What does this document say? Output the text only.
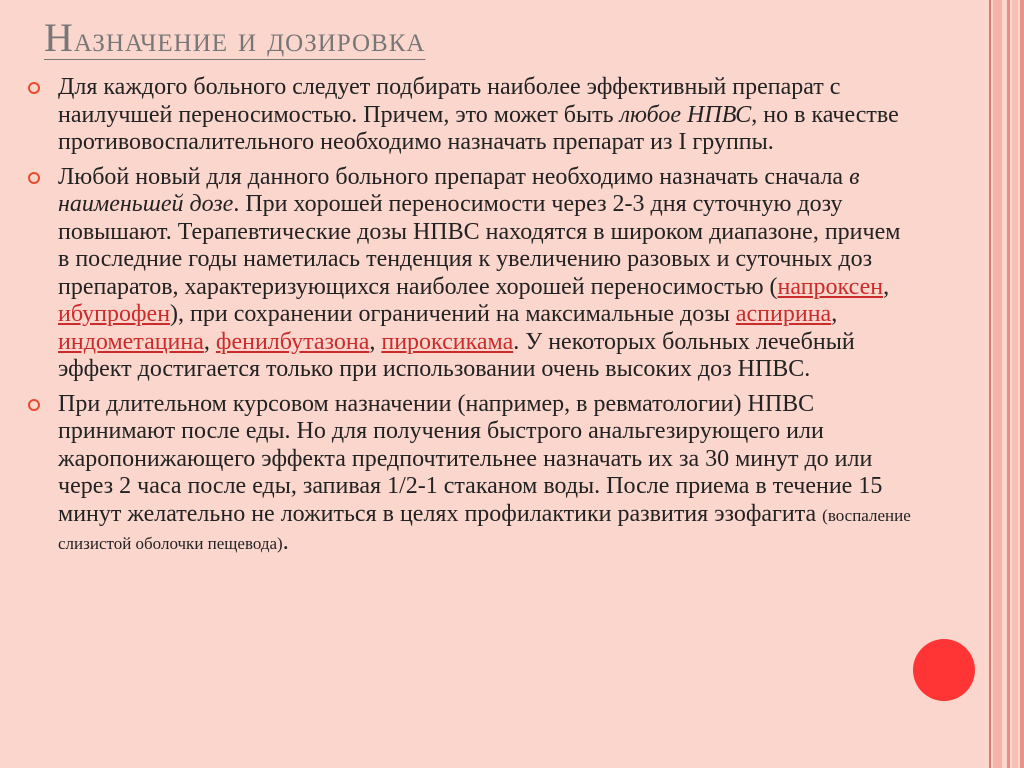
Назначение и дозировка
Для каждого больного следует подбирать наиболее эффективный препарат с наилучшей переносимостью. Причем, это может быть любое НПВС, но в качестве противовоспалительного необходимо назначать препарат из I группы.
Любой новый для данного больного препарат необходимо назначать сначала в наименьшей дозе. При хорошей переносимости через 2-3 дня суточную дозу повышают. Терапевтические дозы НПВС находятся в широком диапазоне, причем в последние годы наметилась тенденция к увеличению разовых и суточных доз препаратов, характеризующихся наиболее хорошей переносимостью (напроксен, ибупрофен), при сохранении ограничений на максимальные дозы аспирина, индометацина, фенилбутазона, пироксикама. У некоторых больных лечебный эффект достигается только при использовании очень высоких доз НПВС.
При длительном курсовом назначении (например, в ревматологии) НПВС принимают после еды. Но для получения быстрого анальгезирующего или жаропонижающего эффекта предпочтительнее назначать их за 30 минут до или через 2 часа после еды, запивая 1/2-1 стаканом воды. После приема в течение 15 минут желательно не ложиться в целях профилактики развития эзофагита (воспаление слизистой оболочки пещевода).
